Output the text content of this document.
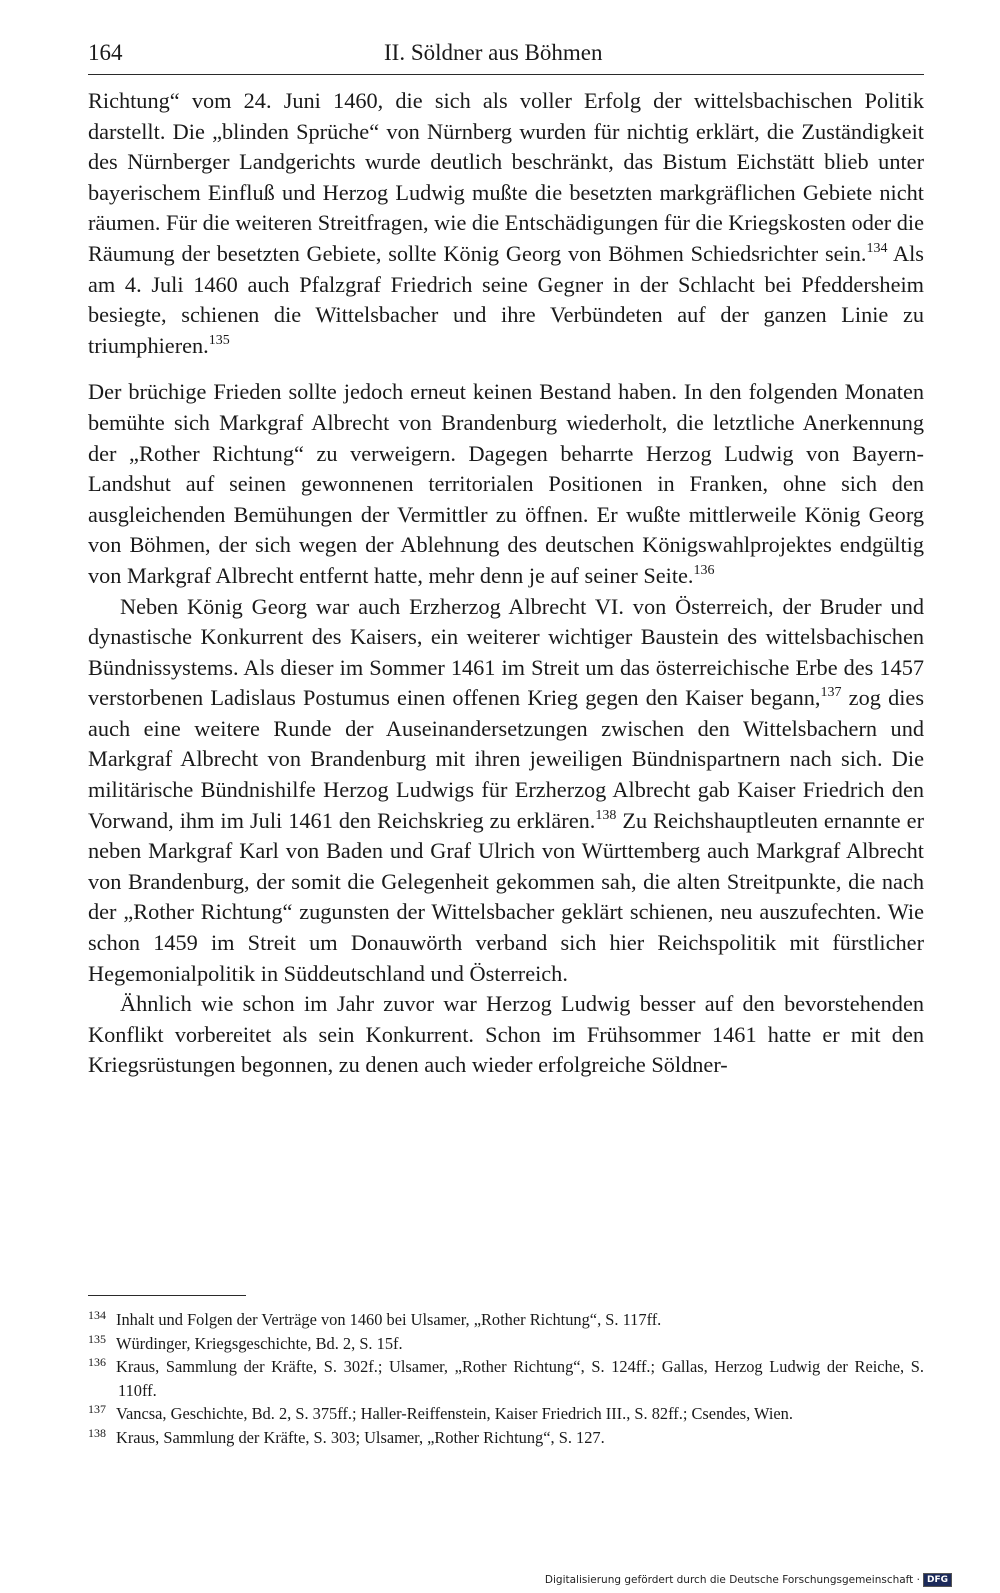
164	II. Söldner aus Böhmen

Richtung“ vom 24. Juni 1460, die sich als voller Erfolg der wittelsbachischen Politik darstellt. Die „blinden Sprüche“ von Nürnberg wurden für nichtig erklärt, die Zuständigkeit des Nürnberger Landgerichts wurde deutlich beschränkt, das Bistum Eichstätt blieb unter bayerischem Einfluß und Herzog Ludwig mußte die besetzten markgräflichen Gebiete nicht räumen. Für die weiteren Streitfragen, wie die Entschädigungen für die Kriegskosten oder die Räumung der besetzten Gebiete, sollte König Georg von Böhmen Schiedsrichter sein.$^{134}$ Als am 4. Juli 1460 auch Pfalzgraf Friedrich seine Gegner in der Schlacht bei Pfeddersheim besiegte, schienen die Wittelsbacher und ihre Verbündeten auf der ganzen Linie zu triumphieren.$^{135}$

Der brüchige Frieden sollte jedoch erneut keinen Bestand haben. In den folgenden Monaten bemühte sich Markgraf Albrecht von Brandenburg wiederholt, die letztliche Anerkennung der „Rother Richtung“ zu verweigern. Dagegen beharrte Herzog Ludwig von Bayern-Landshut auf seinen gewonnenen territorialen Positionen in Franken, ohne sich den ausgleichenden Bemühungen der Vermittler zu öffnen. Er wußte mittlerweile König Georg von Böhmen, der sich wegen der Ablehnung des deutschen Königswahlprojektes endgültig von Markgraf Albrecht entfernt hatte, mehr denn je auf seiner Seite.$^{136}$

Neben König Georg war auch Erzherzog Albrecht VI. von Österreich, der Bruder und dynastische Konkurrent des Kaisers, ein weiterer wichtiger Baustein des wittelsbachischen Bündnissystems. Als dieser im Sommer 1461 im Streit um das österreichische Erbe des 1457 verstorbenen Ladislaus Postumus einen offenen Krieg gegen den Kaiser begann,$^{137}$ zog dies auch eine weitere Runde der Auseinandersetzungen zwischen den Wittelsbachern und Markgraf Albrecht von Brandenburg mit ihren jeweiligen Bündnispartnern nach sich. Die militärische Bündnishilfe Herzog Ludwigs für Erzherzog Albrecht gab Kaiser Friedrich den Vorwand, ihm im Juli 1461 den Reichskrieg zu erklären.$^{138}$ Zu Reichshauptleuten ernannte er neben Markgraf Karl von Baden und Graf Ulrich von Württemberg auch Markgraf Albrecht von Brandenburg, der somit die Gelegenheit gekommen sah, die alten Streitpunkte, die nach der „Rother Richtung“ zugunsten der Wittelsbacher geklärt schienen, neu auszufechten. Wie schon 1459 im Streit um Donauwörth verband sich hier Reichspolitik mit fürstlicher Hegemonialpolitik in Süddeutschland und Österreich.

Ähnlich wie schon im Jahr zuvor war Herzog Ludwig besser auf den bevorstehenden Konflikt vorbereitet als sein Konkurrent. Schon im Frühsommer 1461 hatte er mit den Kriegsrüstungen begonnen, zu denen auch wieder erfolgreiche Söldner-

134 Inhalt und Folgen der Verträge von 1460 bei Ulsamer, „Rother Richtung“, S. 117ff.

135 Würdinger, Kriegsgeschichte, Bd. 2, S. 15f.

136 Kraus, Sammlung der Kräfte, S. 302f.; Ulsamer, „Rother Richtung“, S. 124ff.; Gallas, Herzog Ludwig der Reiche, S. 110ff.

137 Vancsa, Geschichte, Bd. 2, S. 375ff.; Haller-Reiffenstein, Kaiser Friedrich III., S. 82ff.; Csendes, Wien.

138 Kraus, Sammlung der Kräfte, S. 303; Ulsamer, „Rother Richtung“, S. 127.

Digitalisierung gefördert durch die Deutsche Forschungsgemeinschaft · DFG
